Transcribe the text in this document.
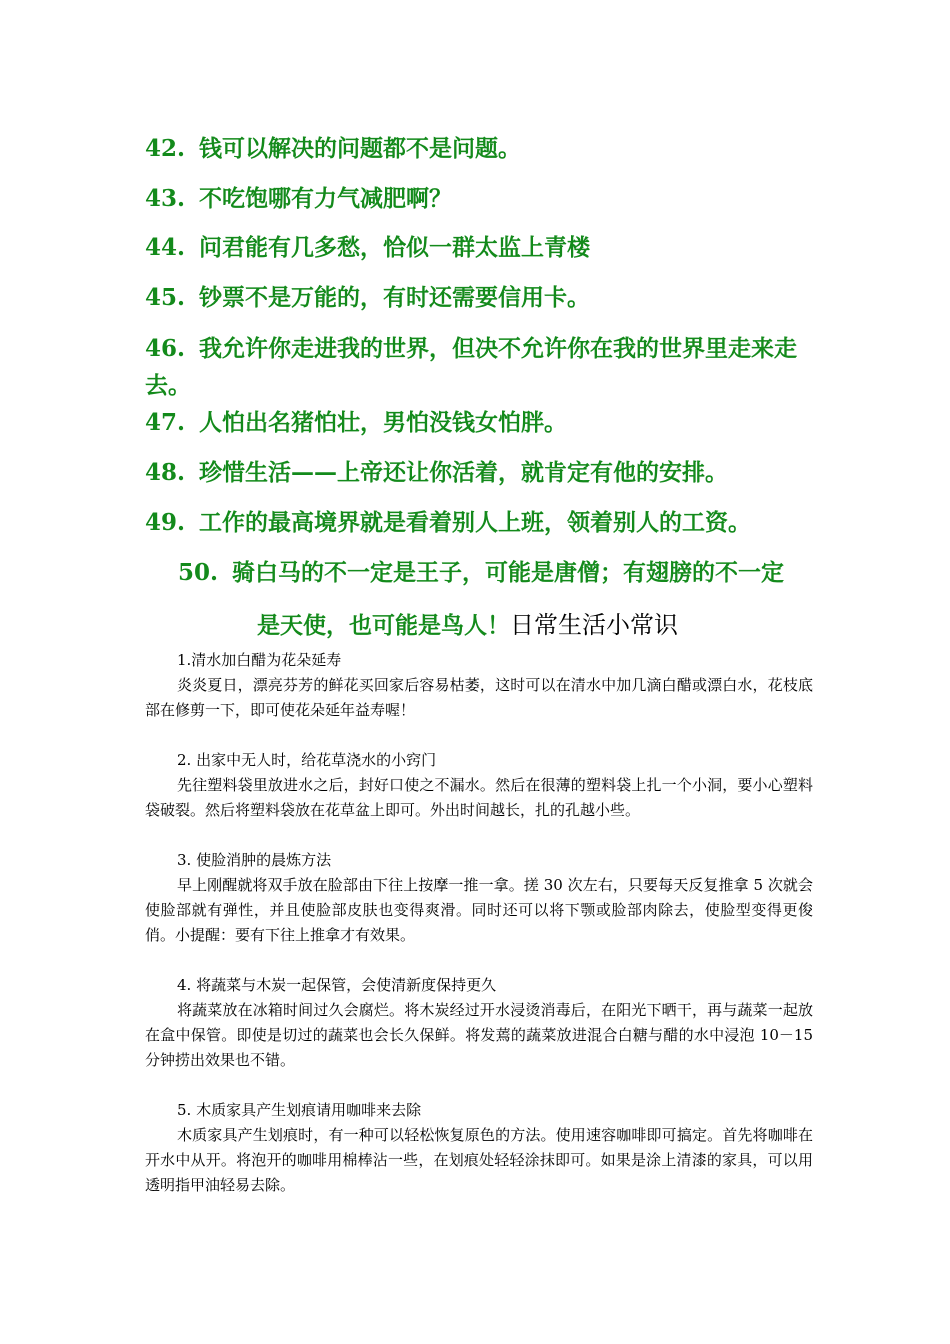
42. 钱可以解决的问题都不是问题。
43. 不吃饱哪有力气减肥啊？
44. 问君能有几多愁，恰似一群太监上青楼
45. 钞票不是万能的，有时还需要信用卡。
46. 我允许你走进我的世界，但决不允许你在我的世界里走来走去。
47. 人怕出名猪怕壮，男怕没钱女怕胖。
48. 珍惜生活——上帝还让你活着，就肯定有他的安排。
49. 工作的最高境界就是看着别人上班，领着别人的工资。
50. 骑白马的不一定是王子，可能是唐僧；有翅膀的不一定
是天使，也可能是鸟人！日常生活小常识
1.清水加白醋为花朵延寿
炎炎夏日，漂亮芬芳的鲜花买回家后容易枯萎，这时可以在清水中加几滴白醋或漂白水，花枝底部在修剪一下，即可使花朵延年益寿喔！
2. 出家中无人时，给花草浇水的小窍门
先往塑料袋里放进水之后，封好口使之不漏水。然后在很薄的塑料袋上扎一个小洞，要小心塑料袋破裂。然后将塑料袋放在花草盆上即可。外出时间越长，扎的孔越小些。
3. 使脸消肿的晨炼方法
早上刚醒就将双手放在脸部由下往上按摩一推一拿。搓 30 次左右，只要每天反复推拿 5 次就会使脸部就有弹性，并且使脸部皮肤也变得爽滑。同时还可以将下颚或脸部肉除去，使脸型变得更俊俏。小提醒：要有下往上推拿才有效果。
4. 将蔬菜与木炭一起保管，会使清新度保持更久
将蔬菜放在冰箱时间过久会腐烂。将木炭经过开水浸烫消毒后，在阳光下晒干，再与蔬菜一起放在盒中保管。即使是切过的蔬菜也会长久保鲜。将发蔫的蔬菜放进混合白糖与醋的水中浸泡 10－15 分钟捞出效果也不错。
5. 木质家具产生划痕请用咖啡来去除
木质家具产生划痕时，有一种可以轻松恢复原色的方法。使用速容咖啡即可搞定。首先将咖啡在开水中从开。将泡开的咖啡用棉棒沾一些，在划痕处轻轻涂抹即可。如果是涂上清漆的家具，可以用透明指甲油轻易去除。
